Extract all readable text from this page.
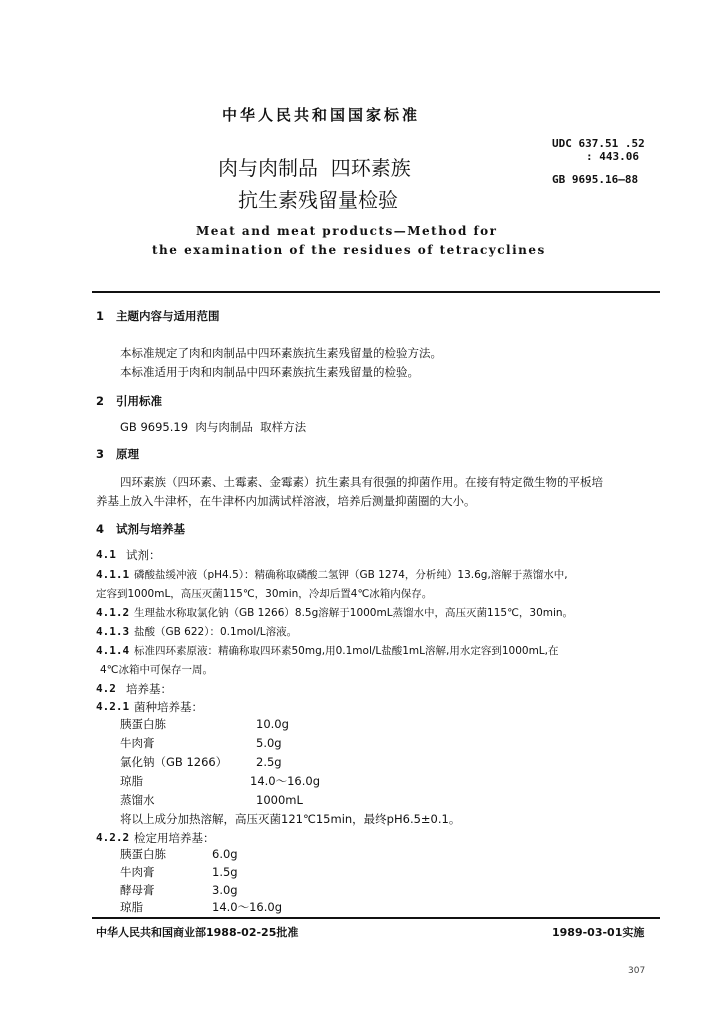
中华人民共和国国家标准
UDC 637.51 .52
: 443.06
GB 9695.16—88
肉与肉制品  四环素族
抗生素残留量检验
Meat and meat products—Method for
the examination of the residues of tetracyclines
1 主题内容与适用范围
本标准规定了肉和肉制品中四环素族抗生素残留量的检验方法。
本标准适用于肉和肉制品中四环素族抗生素残留量的检验。
2 引用标准
GB 9695.19  肉与肉制品  取样方法
3 原理
四环素族（四环素、土霉素、金霉素）抗生素具有很强的抑菌作用。在接有特定微生物的平板培
养基上放入牛津杯，在牛津杯内加满试样溶液，培养后测量抑菌圈的大小。
4 试剂与培养基
4.1 试剂：
4.1.1 磷酸盐缓冲液（pH4.5）：精确称取磷酸二氢钾（GB 1274，分析纯）13.6g,溶解于蒸馏水中,
定容到1000mL，高压灭菌115℃，30min，冷却后置4℃冰箱内保存。
4.1.2 生理盐水称取氯化钠（GB 1266）8.5g溶解于1000mL蒸馏水中，高压灭菌115℃，30min。
4.1.3 盐酸（GB 622）：0.1mol/L溶液。
4.1.4 标准四环素原液：精确称取四环素50mg,用0.1mol/L盐酸1mL溶解,用水定容到1000mL,在
4℃冰箱中可保存一周。
4.2 培养基：
4.2.1 菌种培养基：
胰蛋白胨	10.0g
牛肉膏	5.0g
氯化钠（GB 1266）	2.5g
琼脂	14.0～16.0g
蒸馏水	1000mL
将以上成分加热溶解，高压灭菌121℃15min，最终pH6.5±0.1。
4.2.2 检定用培养基：
胰蛋白胨	6.0g
牛肉膏	1.5g
酵母膏	3.0g
琼脂	14.0～16.0g
中华人民共和国商业部1988-02-25批准	1989-03-01实施
307
